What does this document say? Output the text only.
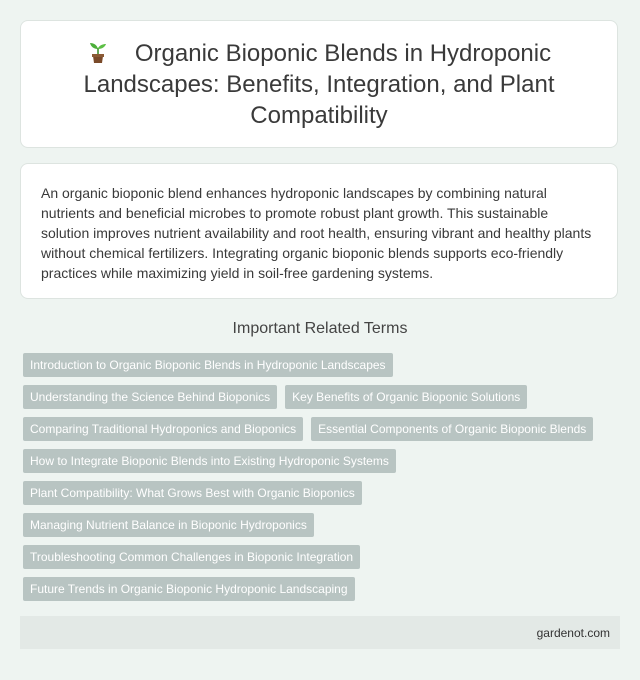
Organic Bioponic Blends in Hydroponic Landscapes: Benefits, Integration, and Plant Compatibility

An organic bioponic blend enhances hydroponic landscapes by combining natural nutrients and beneficial microbes to promote robust plant growth. This sustainable solution improves nutrient availability and root health, ensuring vibrant and healthy plants without chemical fertilizers. Integrating organic bioponic blends supports eco-friendly practices while maximizing yield in soil-free gardening systems.

Important Related Terms
Introduction to Organic Bioponic Blends in Hydroponic Landscapes
Understanding the Science Behind Bioponics	Key Benefits of Organic Bioponic Solutions
Comparing Traditional Hydroponics and Bioponics	Essential Components of Organic Bioponic Blends
How to Integrate Bioponic Blends into Existing Hydroponic Systems
Plant Compatibility: What Grows Best with Organic Bioponics
Managing Nutrient Balance in Bioponic Hydroponics
Troubleshooting Common Challenges in Bioponic Integration
Future Trends in Organic Bioponic Hydroponic Landscaping
gardenot.com
